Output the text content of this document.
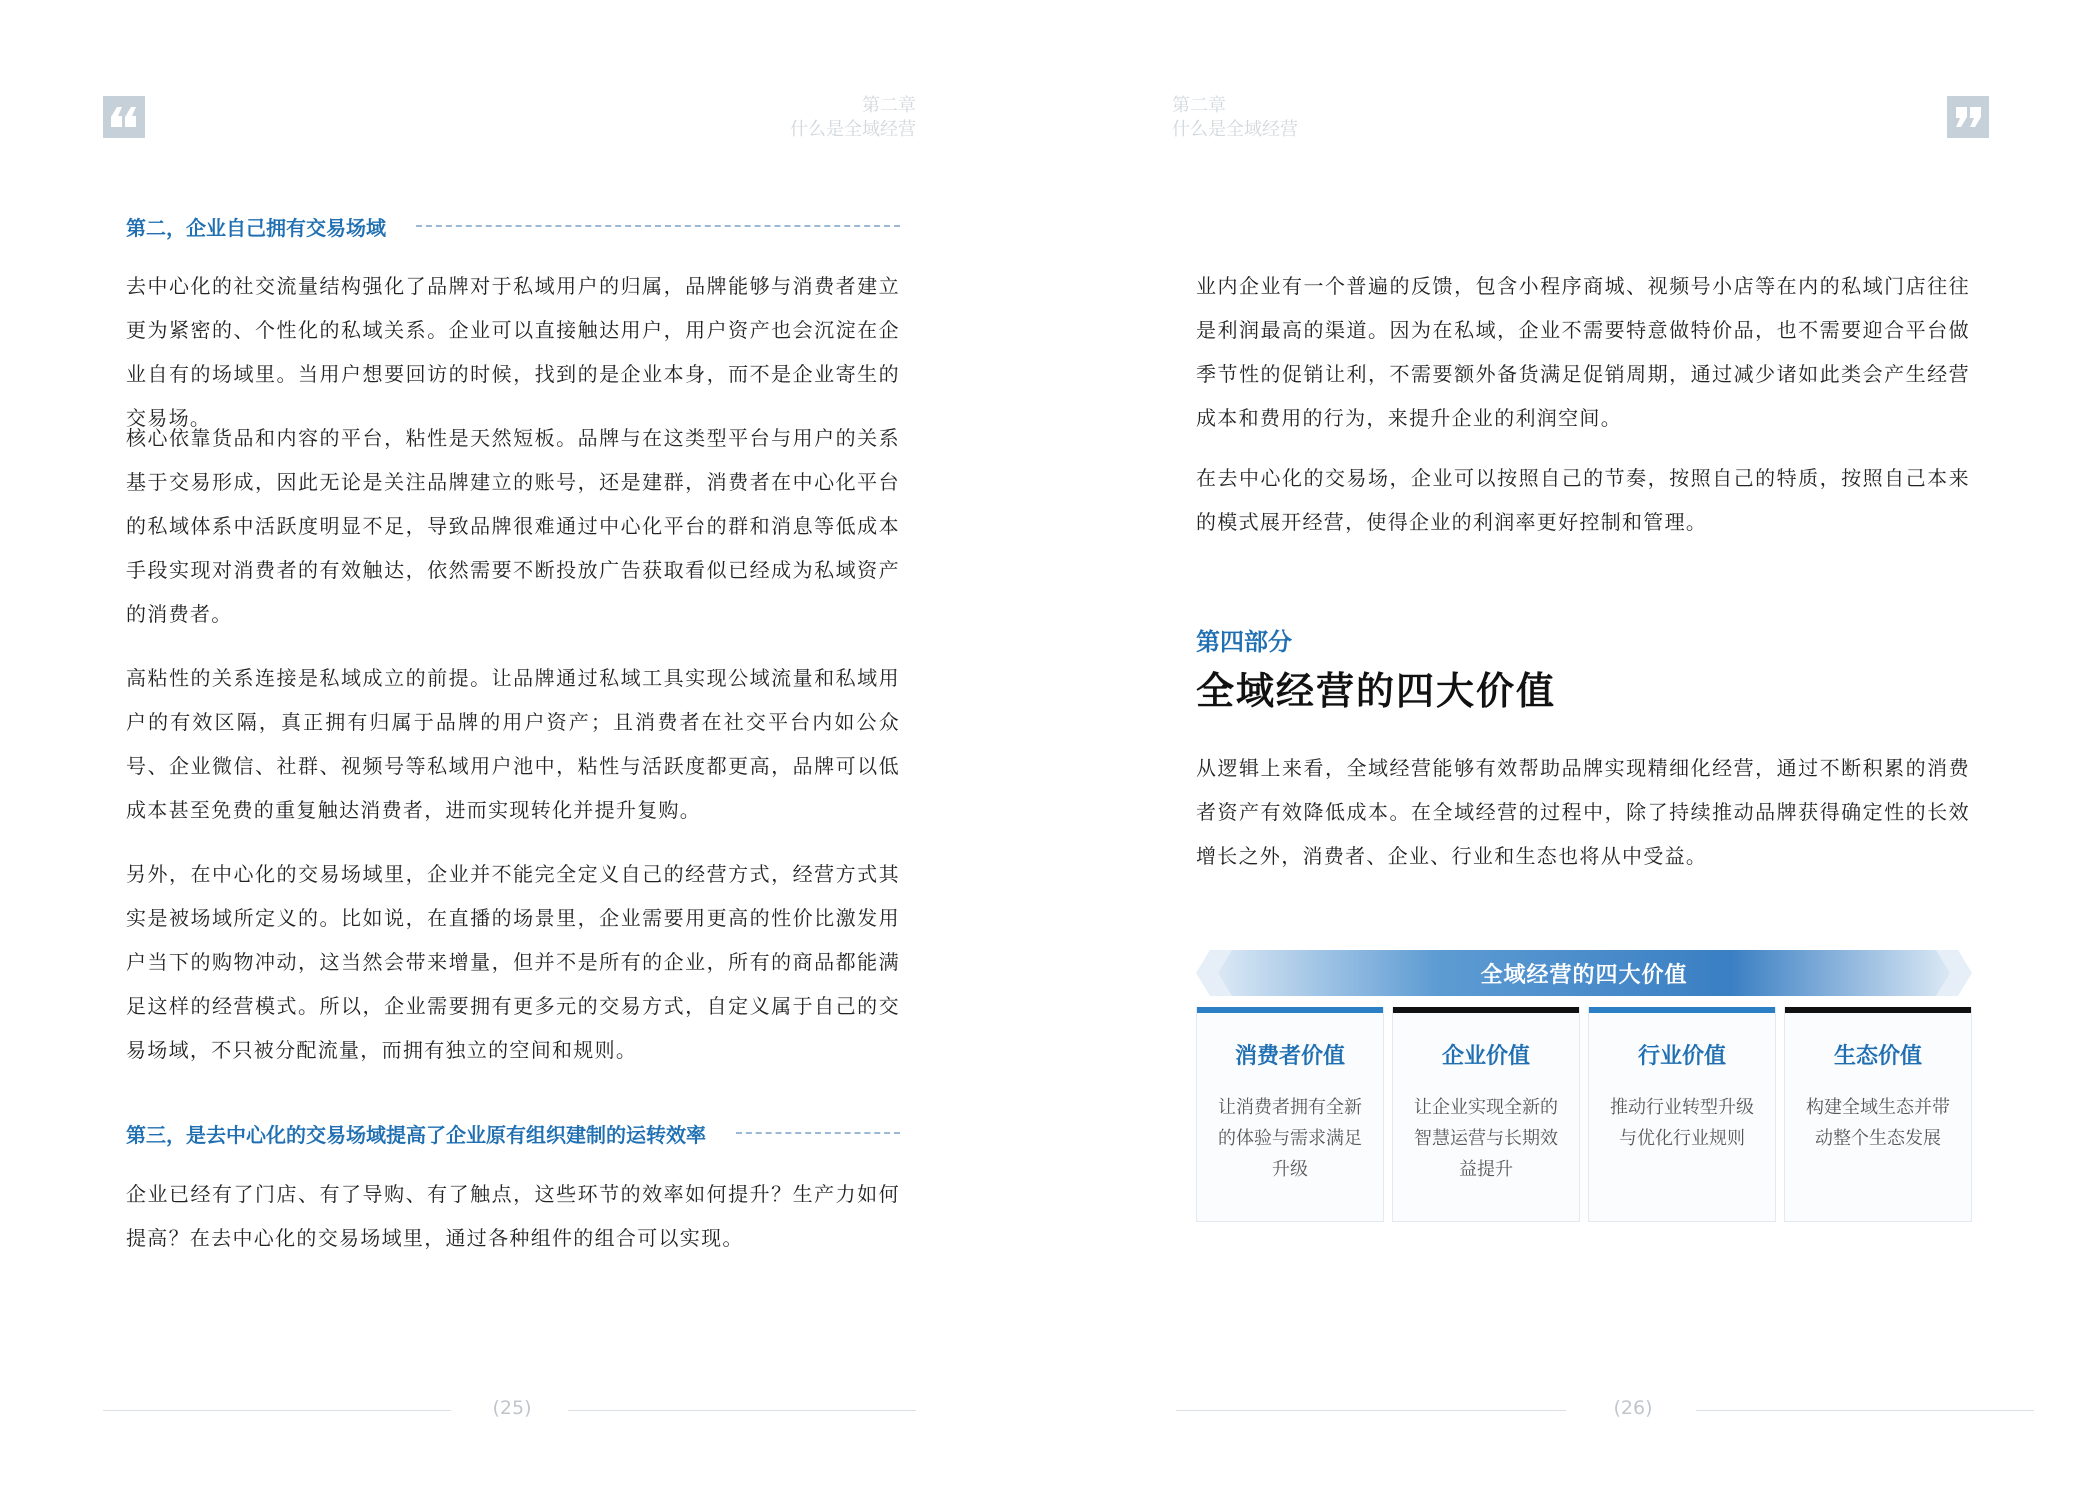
第二章
什么是全域经营
第二，企业自己拥有交易场域

去中心化的社交流量结构强化了品牌对于私域用户的归属，品牌能够与消费者建立更为紧密的、个性化的私域关系。企业可以直接触达用户，用户资产也会沉淀在企业自有的场域里。当用户想要回访的时候，找到的是企业本身，而不是企业寄生的交易场。

核心依靠货品和内容的平台，粘性是天然短板。品牌与在这类型平台与用户的关系基于交易形成，因此无论是关注品牌建立的账号，还是建群，消费者在中心化平台的私域体系中活跃度明显不足，导致品牌很难通过中心化平台的群和消息等低成本手段实现对消费者的有效触达，依然需要不断投放广告获取看似已经成为私域资产的消费者。

高粘性的关系连接是私域成立的前提。让品牌通过私域工具实现公域流量和私域用户的有效区隔，真正拥有归属于品牌的用户资产；且消费者在社交平台内如公众号、企业微信、社群、视频号等私域用户池中，粘性与活跃度都更高，品牌可以低成本甚至免费的重复触达消费者，进而实现转化并提升复购。

另外，在中心化的交易场域里，企业并不能完全定义自己的经营方式，经营方式其实是被场域所定义的。比如说，在直播的场景里，企业需要用更高的性价比激发用户当下的购物冲动，这当然会带来增量，但并不是所有的企业，所有的商品都能满足这样的经营模式。所以，企业需要拥有更多元的交易方式，自定义属于自己的交易场域，不只被分配流量，而拥有独立的空间和规则。

第三，是去中心化的交易场域提高了企业原有组织建制的运转效率

企业已经有了门店、有了导购、有了触点，这些环节的效率如何提升？生产力如何提高？在去中心化的交易场域里，通过各种组件的组合可以实现。

(25)
第二章
什么是全域经营

业内企业有一个普遍的反馈，包含小程序商城、视频号小店等在内的私域门店往往是利润最高的渠道。因为在私域，企业不需要特意做特价品，也不需要迎合平台做季节性的促销让利，不需要额外备货满足促销周期，通过减少诸如此类会产生经营成本和费用的行为，来提升企业的利润空间。

在去中心化的交易场，企业可以按照自己的节奏，按照自己的特质，按照自己本来的模式展开经营，使得企业的利润率更好控制和管理。

第四部分
全域经营的四大价值

从逻辑上来看，全域经营能够有效帮助品牌实现精细化经营，通过不断积累的消费者资产有效降低成本。在全域经营的过程中，除了持续推动品牌获得确定性的长效增长之外，消费者、企业、行业和生态也将从中受益。

全域经营的四大价值
消费者价值
让消费者拥有全新的体验与需求满足升级
企业价值
让企业实现全新的智慧运营与长期效益提升
行业价值
推动行业转型升级与优化行业规则
生态价值
构建全域生态并带动整个生态发展
(26)
